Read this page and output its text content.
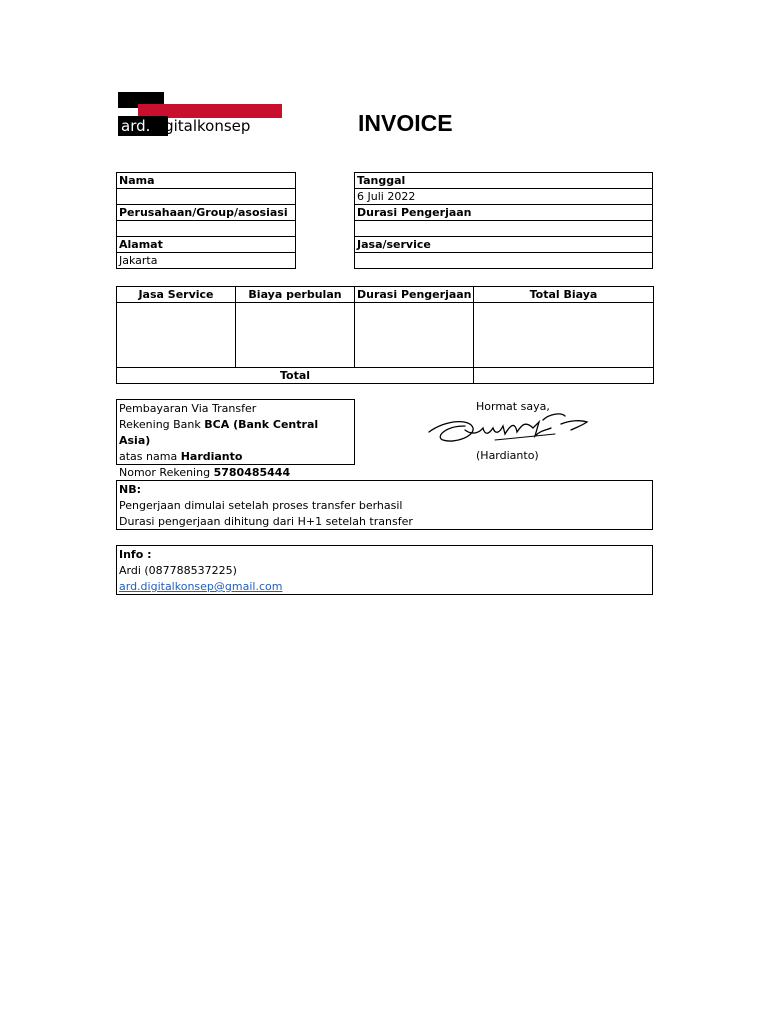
ard.digitalkonsep	INVOICE
Nama

Perusahaan/Group/asosiasi

Alamat
Jakarta
Tanggal
6 Juli 2022
Durasi Pengerjaan

Jasa/service

Jasa Service	Biaya perbulan	Durasi Pengerjaan	Total Biaya

Total			
Pembayaran Via Transfer
Rekening Bank BCA (Bank Central Asia)
atas nama Hardianto
Nomor Rekening 5780485444
Hormat saya,
(Hardianto)
NB:
Pengerjaan dimulai setelah proses transfer berhasil
Durasi pengerjaan dihitung dari H+1 setelah transfer
Info :
Ardi (087788537225)
ard.digitalkonsep@gmail.com
